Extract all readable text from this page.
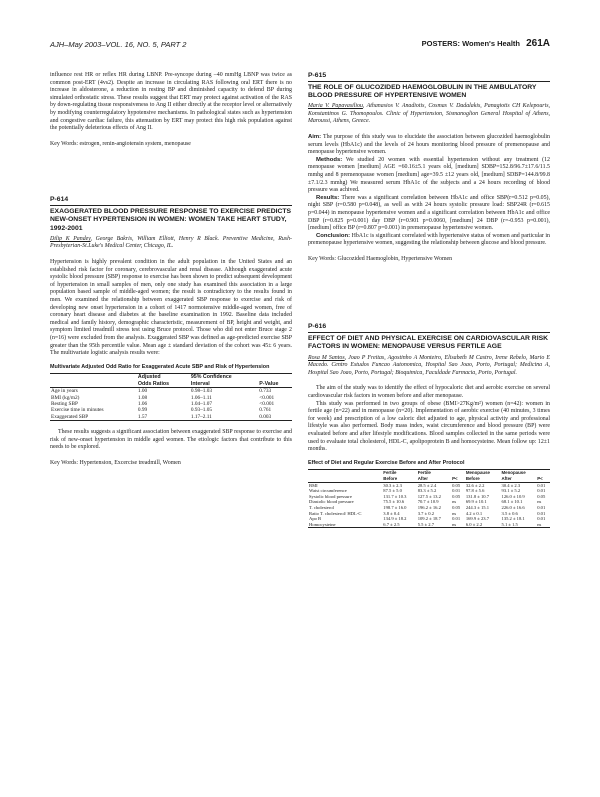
AJH–May 2003–VOL. 16, NO. 5, PART 2	POSTERS: Women's Health 261A

influence rest HR or reflex HR during LBNP. Pre-syncope during –40 mmHg LBNP was twice as common post-ERT (4vs2). Despite an increase in circulating RAS following oral ERT there is no increase in aldosterone, a reduction in resting BP and diminished capacity to defend BP during simulated orthostatic stress. These results suggest that ERT may protect against activation of the RAS by down-regulating tissue responsiveness to Ang II either directly at the receptor level or alternatively by modifying counterregulatory hypotensive mechanisms. In pathological states such as hypertension and congestive cardiac failure, this attenuation by ERT may protect this high risk population against the potentially deleterious effects of Ang II.

Key Words: estrogen, renin-angiotensin system, menopause

P-614
EXAGGERATED BLOOD PRESSURE RESPONSE TO EXERCISE PREDICTS NEW-ONSET HYPERTENSION IN WOMEN: WOMEN TAKE HEART STUDY, 1992-2001

Dilip K Pandey, George Bakris, William Elliott, Henry R Black. Preventive Medicine, Rush-Presbyterian-St.Luke's Medical Center, Chicago, IL.

Hypertension is highly prevalent condition in the adult population in the United States and an established risk factor for coronary, cerebrovascular and renal disease. Although exaggerated acute systolic blood pressure (SBP) response to exercise has been shown to predict subsequent development of hypertension in small samples of men, only one study has examined this association in a large population based sample of middle-aged women; the result is contradictory to the results found in men. We examined the relationship between exaggerated SBP response to exercise and risk of developing new onset hypertension in a cohort of 1417 normotensive middle-aged women, free of coronary heart disease and diabetes at the baseline examination in 1992. Baseline data included medical and family history, demographic characteristic, measurement of BP, height and weight, and symptom limited treadmill stress test using Bruce protocol. Those who did not enter Bruce stage 2 (n=16) were excluded from the analysis. Exaggerated SBP was defined as age-predicted exercise SBP greater than the 95th percentile value. Mean age ± standard deviation of the cohort was 45± 6 years. The multivariate logistic analysis results were:

Multivariate Adjusted Odd Ratio for Exaggerated Acute SBP and Risk of Hypertension
	Adjusted	95% Confidence	
	Odds Ratios	Interval	P-Value
Age in years	1.00	0.98–1.03	0.733
BMI (kg/m2)	1.08	1.06–1.11	<0.001
Resting SBP	1.06	1.04–1.07	<0.001
Exercise time in minutes	0.99	0.93–1.05	0.761
Exaggerated SBP	1.57	1.17–2.11	0.003

These results suggests a significant association between exaggerated SBP response to exercise and risk of new-onset hypertension in middle aged women. The etiologic factors that contribute to this needs to be explored.

Key Words: Hypertension, Excercise treadmill, Women

P-615
THE ROLE OF GLUCOZIDED HAEMOGLOBULIN IN THE AMBULATORY BLOOD PRESSURE OF HYPERTENSIVE WOMEN

Maria V. Papavasiliou, Athanasios V. Anadiotis, Cosmas V. Dadalakis, Panagiotis CH Kelepouris, Konstantinos G. Thomopoulos. Clinic of Hypertension, Sismanoglion General Hospital of Athens, Maroussi, Athens, Greece.

Aim: The purpose of this study was to elucidate the association between glucozided haemoglobulin serum levels (HbA1c) and the levels of 24 hours monitoring blood pressure of premenopause and menopause hypertensive women.

Methods: We studied 20 women with essential hypertension without any treatment (12 menopause women [medium] AGE =60.16±5.1 years old, [medium] SDBP=152.8/96.7±17.6/11.5 mmhg and 8 premenopause women [medium] age=39.5 ±12 years old, [medium] SDBP=144.8/99.8 ±7.1/2.3 mmhg) We measured serum HbA1c of the subjects and a 24 hours recording of blood pressure was achived.

Results: There was a significant correlation between HbA1c and office SBP(r=0.512 p=0.05), night SBP (r=0.580 p=0.048), as well as with 24 hours systolic pressure load: SBP24R (r=0.615 p=0.044) in menopause hypertensive women and a significant correlation between HbA1c and office DBP (r=0.825 p=0.001) day DBP (r=0.901 p=0.0060, [medium] 24 DBP (r=-0.953 p=0.001), [medium] office BP (r=0.807 p=0.001) in premenopause hypertensive women.

Conclusion: HbA1c is significant correlated with hypertensive status of women and particular in premenopause hypertensive women, suggesting the relationship between glucose and blood pressure.

Key Words: Glucozided Haemoglobin, Hypertensive Women

P-616
EFFECT OF DIET AND PHYSICAL EXERCISE ON CARDIOVASCULAR RISK FACTORS IN WOMEN: MENOPAUSE VERSUS FERTILE AGE

Rosa M Santos, Joao P Freitas, Agostinho A Monteiro, Elisabeth M Castro, Irene Rebelo, Mario E Macedo. Centro Estudos Funcao Autonomica, Hospital Sao Joao, Porto, Portugal; Medicina A, Hospital Sao Joao, Porto, Portugal; Bioquimica, Faculdade Farmacia, Porto, Portugal.

The aim of the study was to identify the effect of hypocaloric diet and aerobic exercise on several cardiovascular risk factors in women before and after menopause.

This study was performed in two groups of obese (BMI>27Kg/m²) women (n=42): women in fertile age (n=22) and in menopause (n=20). Implementation of aerobic exercise (40 minutes, 3 times for week) and prescription of a low caloric diet adjusted to age, physical activity and professional lifestyle was also performed. Body mass index, waist circumference and blood pressure (BP) were evaluated before and after lifestyle modifications. Blood samples collected in the same periods were used to evaluate total cholesterol, HDL-C, apolipoprotein B and homocysteine. Mean follow up: 12±1 months.

Effect of Diet and Regular Exercise Before and After Protocol
	Fertile	Fertile		Menopause	Menopause	
	Before	After	P<	Before	After	P<
BMI	30.3 ± 2.3	28.5 ± 2.4	0.05	32.6 ± 2.2	30.4 ± 2.3	0.01
Waist circumference	87.5 ± 5.0	83.3 ± 5.2	0.01	97.8 ± 5.6	93.1 ± 5.2	0.01
Systolic blood pressure	131.7 ± 10.3	127.5 ± 13.2	0.05	131.8 ± 10.7	126.0 ± 10.9	0.05
Diastolic blood pressure	75.5 ± 10.6	70.7 ± 10.9	ns	69.9 ± 10.1	68.1 ± 10.1	ns
T. cholesterol	198.7 ± 16.0	196.2 ± 16.2	0.05	244.3 ± 15.1	226.0 ± 16.6	0.01
Ratio T. cholesterol/ HDL-C	3.8 ± 0.4	3.7 ± 0.2	ns	4.2 ± 0.1	3.5 ± 0.6	0.01
Apo B	134.9 ± 18.2	109.2 ± 18.7	0.01	169.9 ± 23.7	135.2 ± 18.1	0.01
Homocysteine	6.7 ± 2.5	5.5 ± 2.7	ns	6.0 ± 2.2	5.1 ± 1.5	ns
